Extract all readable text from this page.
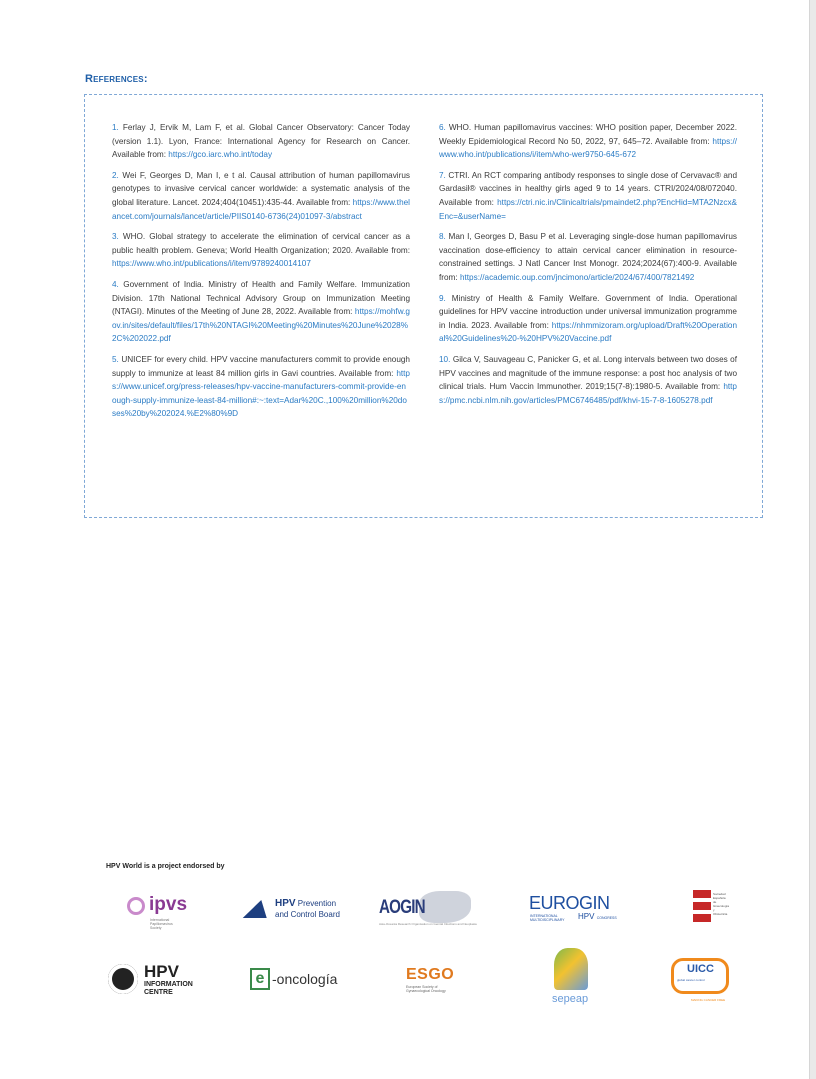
References:

1. Ferlay J, Ervik M, Lam F, et al. Global Cancer Observatory: Cancer Today (version 1.1). Lyon, France: International Agency for Research on Cancer. Available from: https://gco.iarc.who.int/today

2. Wei F, Georges D, Man I, e t al. Causal attribution of human papillomavirus genotypes to invasive cervical cancer worldwide: a systematic analysis of the global literature. Lancet. 2024;404(10451):435-44. Available from: https://www.thelancet.com/journals/lancet/article/PIIS0140-6736(24)01097-3/abstract

3. WHO. Global strategy to accelerate the elimination of cervical cancer as a public health problem. Geneva; World Health Organization; 2020. Available from: https://www.who.int/publications/i/item/9789240014107

4. Government of India. Ministry of Health and Family Welfare. Immunization Division. 17th National Technical Advisory Group on Immunization Meeting (NTAGI). Minutes of the Meeting of June 28, 2022. Available from: https://mohfw.gov.in/sites/default/files/17th%20NTAGI%20Meeting%20Minutes%20June%2028%2C%202022.pdf

5. UNICEF for every child. HPV vaccine manufacturers commit to provide enough supply to immunize at least 84 million girls in Gavi countries. Available from: https://www.unicef.org/press-releases/hpv-vaccine-manufacturers-commit-provide-enough-supply-immunize-least-84-million#:~:text=Adar%20C.,100%20million%20doses%20by%202024.%E2%80%9D

6. WHO. Human papillomavirus vaccines: WHO position paper, December 2022. Weekly Epidemiological Record No 50, 2022, 97, 645–72. Available from: https://www.who.int/publications/i/item/who-wer9750-645-672

7. CTRI. An RCT comparing antibody responses to single dose of Cervavac® and Gardasil® vaccines in healthy girls aged 9 to 14 years. CTRI/2024/08/072040. Available from: https://ctri.nic.in/Clinicaltrials/pmaindet2.php?EncHid=MTA2Nzcx&Enc=&userName=

8. Man I, Georges D, Basu P et al. Leveraging single-dose human papillomavirus vaccination dose-efficiency to attain cervical cancer elimination in resource-constrained settings. J Natl Cancer Inst Monogr. 2024;2024(67):400-9. Available from: https://academic.oup.com/jncimono/article/2024/67/400/7821492

9. Ministry of Health & Family Welfare. Government of India. Operational guidelines for HPV vaccine introduction under universal immunization programme in India. 2023. Available from: https://nhmmizoram.org/upload/Draft%20Operational%20Guidelines%20-%20HPV%20Vaccine.pdf

10. Gilca V, Sauvageau C, Panicker G, et al. Long intervals between two doses of HPV vaccines and magnitude of the immune response: a post hoc analysis of two clinical trials. Hum Vaccin Immunother. 2019;15(7-8):1980-5. Available from: https://pmc.ncbi.nlm.nih.gov/articles/PMC6746485/pdf/khvi-15-7-8-1605278.pdf

HPV World is a project endorsed by
ipvs
International Papillomavirus Society
HPV Prevention
and Control Board AOGIN
Asia-Oceania Research Organisation on Genital Infections and Neoplasia
EUROGIN
INTERNATIONAL
MULTIDISCIPLINARY HPV CONGRESS
Sociedad Española de Ginecología y Obstetricia
HPV
INFORMATION
CENTRE
e -oncología	ESGO
European Society of
Gynaecological Oncology
sepeap
UICC
global cancer control
MAKING CANCER FREE
